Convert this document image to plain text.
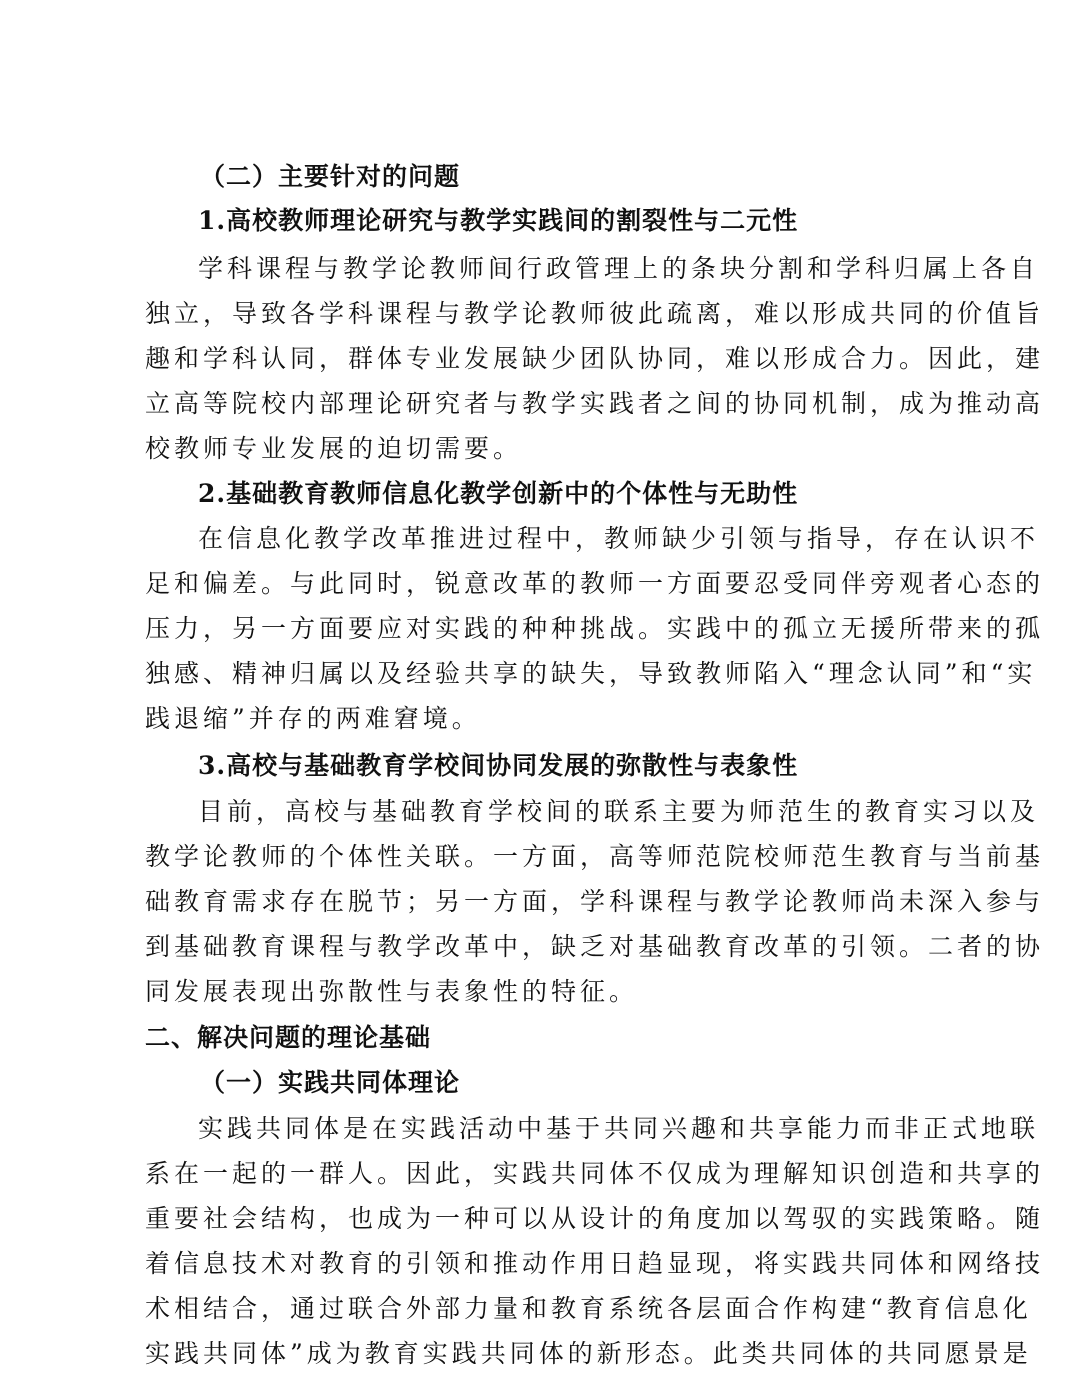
（二）主要针对的问题
1.高校教师理论研究与教学实践间的割裂性与二元性
学科课程与教学论教师间行政管理上的条块分割和学科归属上各自
独立，导致各学科课程与教学论教师彼此疏离，难以形成共同的价值旨
趣和学科认同，群体专业发展缺少团队协同，难以形成合力。因此，建
立高等院校内部理论研究者与教学实践者之间的协同机制，成为推动高
校教师专业发展的迫切需要。
2.基础教育教师信息化教学创新中的个体性与无助性
在信息化教学改革推进过程中，教师缺少引领与指导，存在认识不
足和偏差。与此同时，锐意改革的教师一方面要忍受同伴旁观者心态的
压力，另一方面要应对实践的种种挑战。实践中的孤立无援所带来的孤
独感、精神归属以及经验共享的缺失，导致教师陷入“理念认同”和“实
践退缩”并存的两难窘境。
3.高校与基础教育学校间协同发展的弥散性与表象性
目前，高校与基础教育学校间的联系主要为师范生的教育实习以及
教学论教师的个体性关联。一方面，高等师范院校师范生教育与当前基
础教育需求存在脱节；另一方面，学科课程与教学论教师尚未深入参与
到基础教育课程与教学改革中，缺乏对基础教育改革的引领。二者的协
同发展表现出弥散性与表象性的特征。
二、解决问题的理论基础
（一）实践共同体理论
实践共同体是在实践活动中基于共同兴趣和共享能力而非正式地联
系在一起的一群人。因此，实践共同体不仅成为理解知识创造和共享的
重要社会结构，也成为一种可以从设计的角度加以驾驭的实践策略。随
着信息技术对教育的引领和推动作用日趋显现，将实践共同体和网络技
术相结合，通过联合外部力量和教育系统各层面合作构建“教育信息化
实践共同体”成为教育实践共同体的新形态。此类共同体的共同愿景是
